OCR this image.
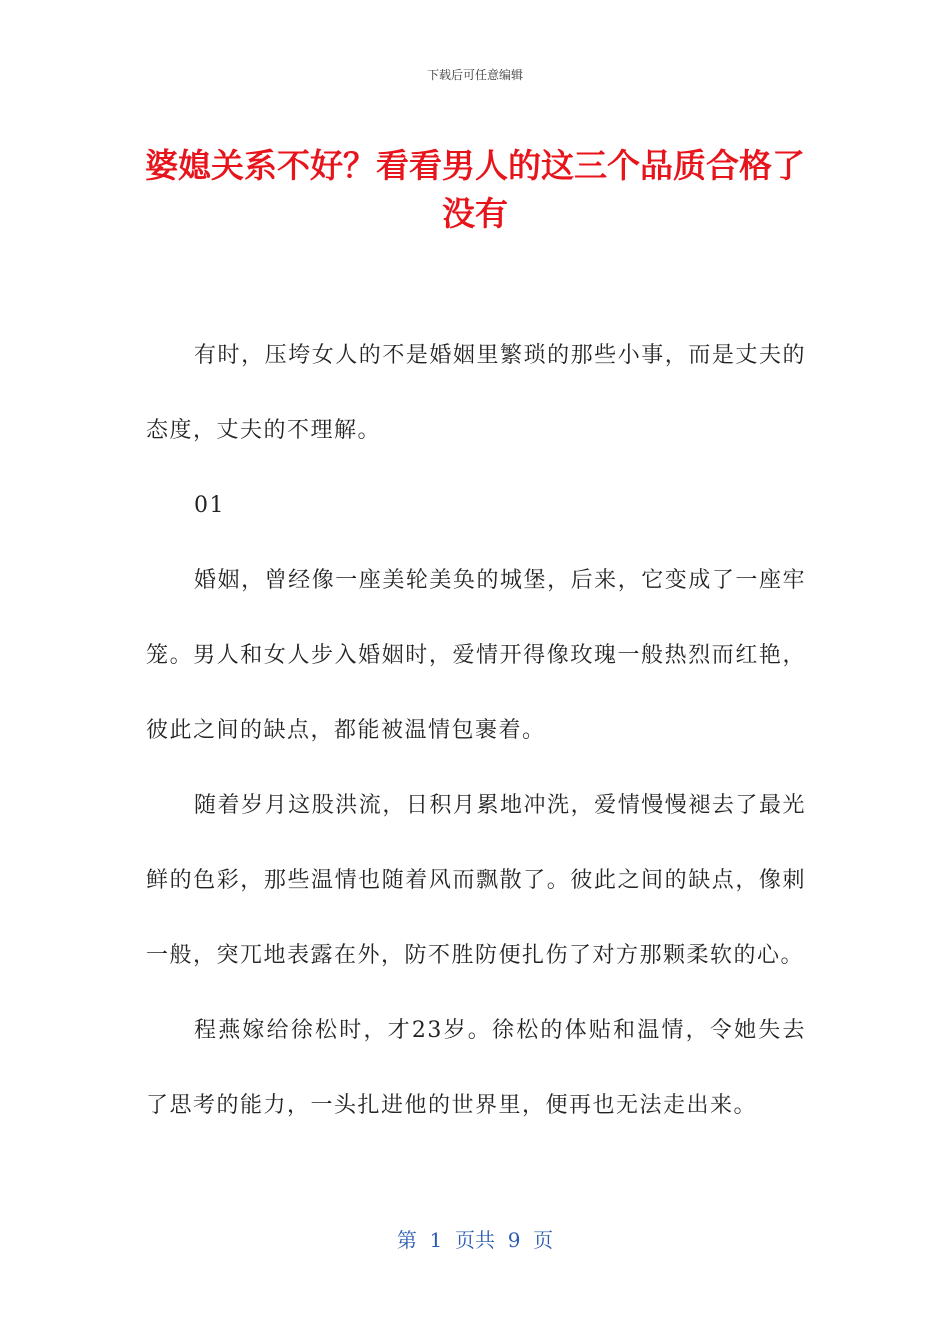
下载后可任意编辑
婆媳关系不好？看看男人的这三个品质合格了没有

有时，压垮女人的不是婚姻里繁琐的那些小事，而是丈夫的态度，丈夫的不理解。

01

婚姻，曾经像一座美轮美奂的城堡，后来，它变成了一座牢笼。男人和女人步入婚姻时，爱情开得像玫瑰一般热烈而红艳，彼此之间的缺点，都能被温情包裹着。

随着岁月这股洪流，日积月累地冲洗，爱情慢慢褪去了最光鲜的色彩，那些温情也随着风而飘散了。彼此之间的缺点，像刺一般，突兀地表露在外，防不胜防便扎伤了对方那颗柔软的心。

程燕嫁给徐松时，才23岁。徐松的体贴和温情，令她失去了思考的能力，一头扎进他的世界里，便再也无法走出来。

第  1  页共  9  页
